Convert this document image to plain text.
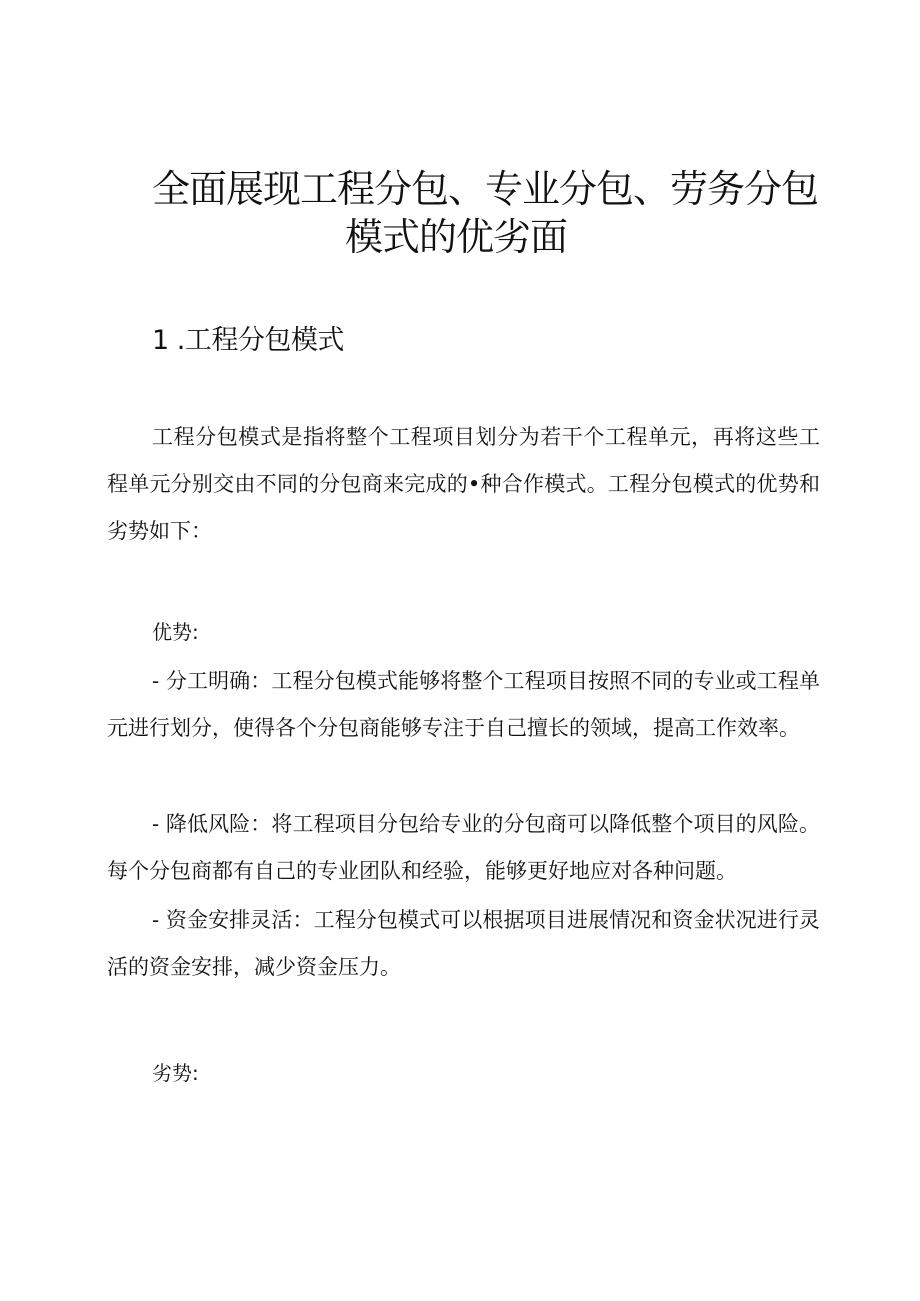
全面展现工程分包、专业分包、劳务分包
模式的优劣面
1 .工程分包模式

工程分包模式是指将整个工程项目划分为若干个工程单元，再将这些工程单元分别交由不同的分包商来完成的•种合作模式。工程分包模式的优势和劣势如下：

优势:

- 分工明确：工程分包模式能够将整个工程项目按照不同的专业或工程单元进行划分，使得各个分包商能够专注于自己擅长的领域，提高工作效率。

- 降低风险：将工程项目分包给专业的分包商可以降低整个项目的风险。每个分包商都有自己的专业团队和经验，能够更好地应对各种问题。

- 资金安排灵活：工程分包模式可以根据项目进展情况和资金状况进行灵活的资金安排，减少资金压力。

劣势:
